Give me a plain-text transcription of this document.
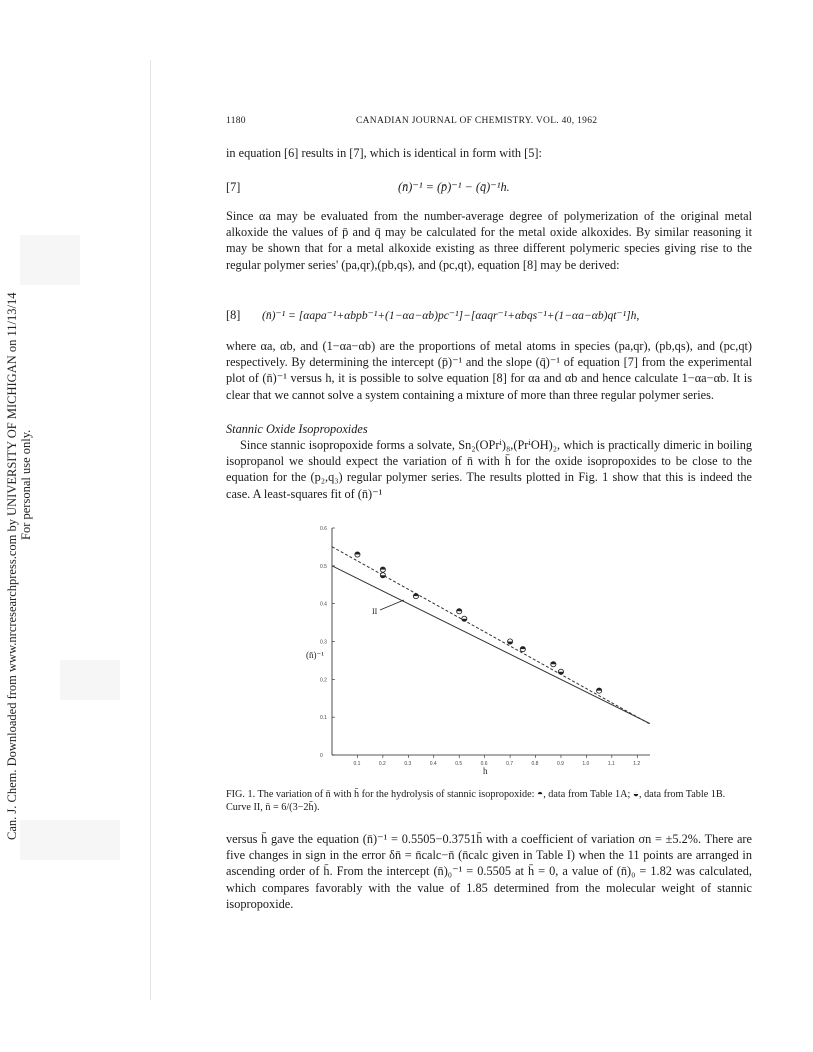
Can. J. Chem. Downloaded from www.nrcresearchpress.com by UNIVERSITY OF MICHIGAN on 11/13/14 For personal use only.
1180	CANADIAN JOURNAL OF CHEMISTRY. VOL. 40, 1962
in equation [6] results in [7], which is identical in form with [5]:
[7]	(n̄)⁻¹ = (p̄)⁻¹ − (q̄)⁻¹h.
Since αa may be evaluated from the number-average degree of polymerization of the original metal alkoxide the values of p̄ and q̄ may be calculated for the metal oxide alkoxides. By similar reasoning it may be shown that for a metal alkoxide existing as three different polymeric species giving rise to the regular polymer series' (pa,qr),(pb,qs), and (pc,qt), equation [8] may be derived:
[8] (n̄)⁻¹ = [αapa⁻¹+αbpb⁻¹+(1−αa−αb)pc⁻¹]−[αaqr⁻¹+αbqs⁻¹+(1−αa−αb)qt⁻¹]h,
where αa, αb, and (1−αa−αb) are the proportions of metal atoms in species (pa,qr), (pb,qs), and (pc,qt) respectively. By determining the intercept (p̄)⁻¹ and the slope (q̄)⁻¹ of equation [7] from the experimental plot of (n̄)⁻¹ versus h, it is possible to solve equation [8] for αa and αb and hence calculate 1−αa−αb. It is clear that we cannot solve a system containing a mixture of more than three regular polymer series.
Stannic Oxide Isopropoxides
Since stannic isopropoxide forms a solvate, Sn₂(OPrⁱ)₈,(PrⁱOH)₂, which is practically dimeric in boiling isopropanol we should expect the variation of n̄ with h̄ for the oxide isopropoxides to be close to the equation for the (p₂,q₃) regular polymer series. The results plotted in Fig. 1 show that this is indeed the case. A least-squares fit of (n̄)⁻¹
0.1	0.2	0.3	0.4	0.5	0.6	0.7	0.8	0.9	1.0	1.1	1.2
0
0.1
0.2
0.3
0.4
0.5
0.6
(n̄)⁻¹
h
II
FIG. 1. The variation of n̄ with h̄ for the hydrolysis of stannic isopropoxide: ◓, data from Table 1A; ◒, data from Table 1B. Curve II, n̄ = 6/(3−2h̄).
versus h̄ gave the equation (n̄)⁻¹ = 0.5505−0.3751h̄ with a coefficient of variation σn = ±5.2%. There are five changes in sign in the error δn̄ = n̄calc−n̄ (n̄calc given in Table I) when the 11 points are arranged in ascending order of h̄. From the intercept (n̄)₀⁻¹ = 0.5505 at h̄ = 0, a value of (n̄)₀ = 1.82 was calculated, which compares favorably with the value of 1.85 determined from the molecular weight of stannic isopropoxide.
